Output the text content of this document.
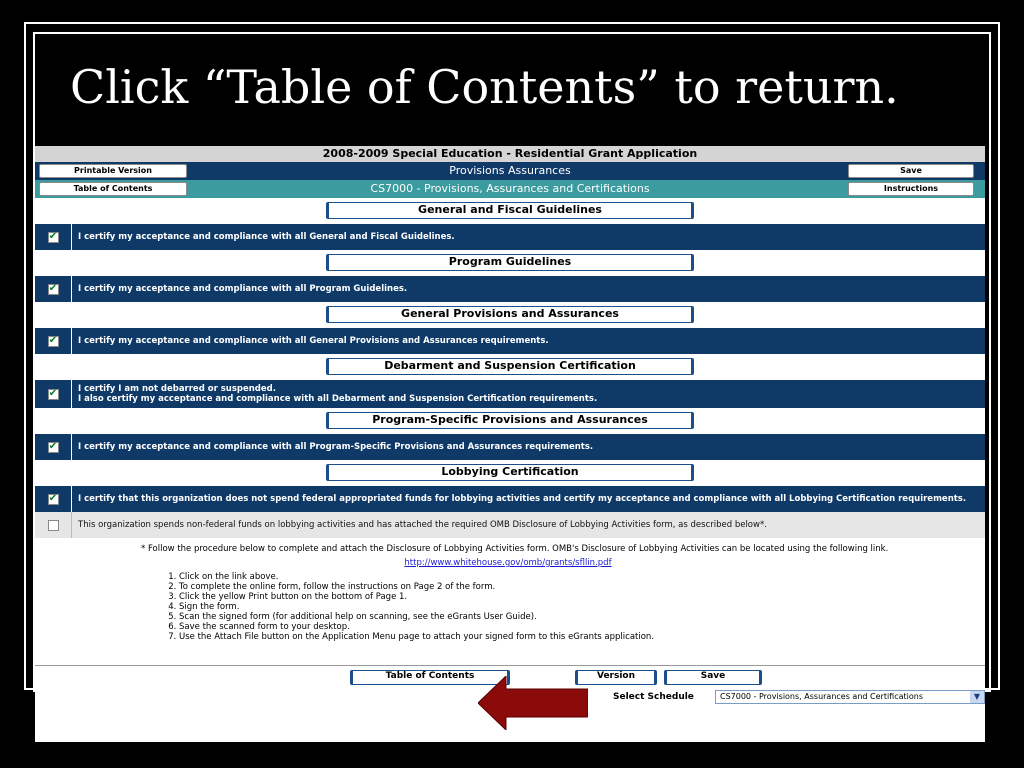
Click “Table of Contents” to return.
2008-2009 Special Education - Residential Grant Application
Provisions Assurances
Printable Version	Save
CS7000 - Provisions, Assurances and Certifications
Table of Contents	Instructions
General and Fiscal Guidelines
✔ I certify my acceptance and compliance with all General and Fiscal Guidelines.
Program Guidelines
✔ I certify my acceptance and compliance with all Program Guidelines.
General Provisions and Assurances
✔ I certify my acceptance and compliance with all General Provisions and Assurances requirements.
Debarment and Suspension Certification
✔ I certify I am not debarred or suspended.
I also certify my acceptance and compliance with all Debarment and Suspension Certification requirements.
Program-Specific Provisions and Assurances
✔ I certify my acceptance and compliance with all Program-Specific Provisions and Assurances requirements.
Lobbying Certification
✔ I certify that this organization does not spend federal appropriated funds for lobbying activities and certify my acceptance and compliance with all Lobbying Certification requirements.
This organization spends non-federal funds on lobbying activities and has attached the required OMB Disclosure of Lobbying Activities form, as described below*.
* Follow the procedure below to complete and attach the Disclosure of Lobbying Activities form. OMB's Disclosure of Lobbying Activities can be located using the following link.
http://www.whitehouse.gov/omb/grants/sfllin.pdf
1. Click on the link above.
2. To complete the online form, follow the instructions on Page 2 of the form.
3. Click the yellow Print button on the bottom of Page 1.
4. Sign the form.
5. Scan the signed form (for additional help on scanning, see the eGrants User Guide).
6. Save the scanned form to your desktop.
7. Use the Attach File button on the Application Menu page to attach your signed form to this eGrants application.
Table of Contents	Version	Save
Select Schedule	CS7000 - Provisions, Assurances and Certifications	▼
